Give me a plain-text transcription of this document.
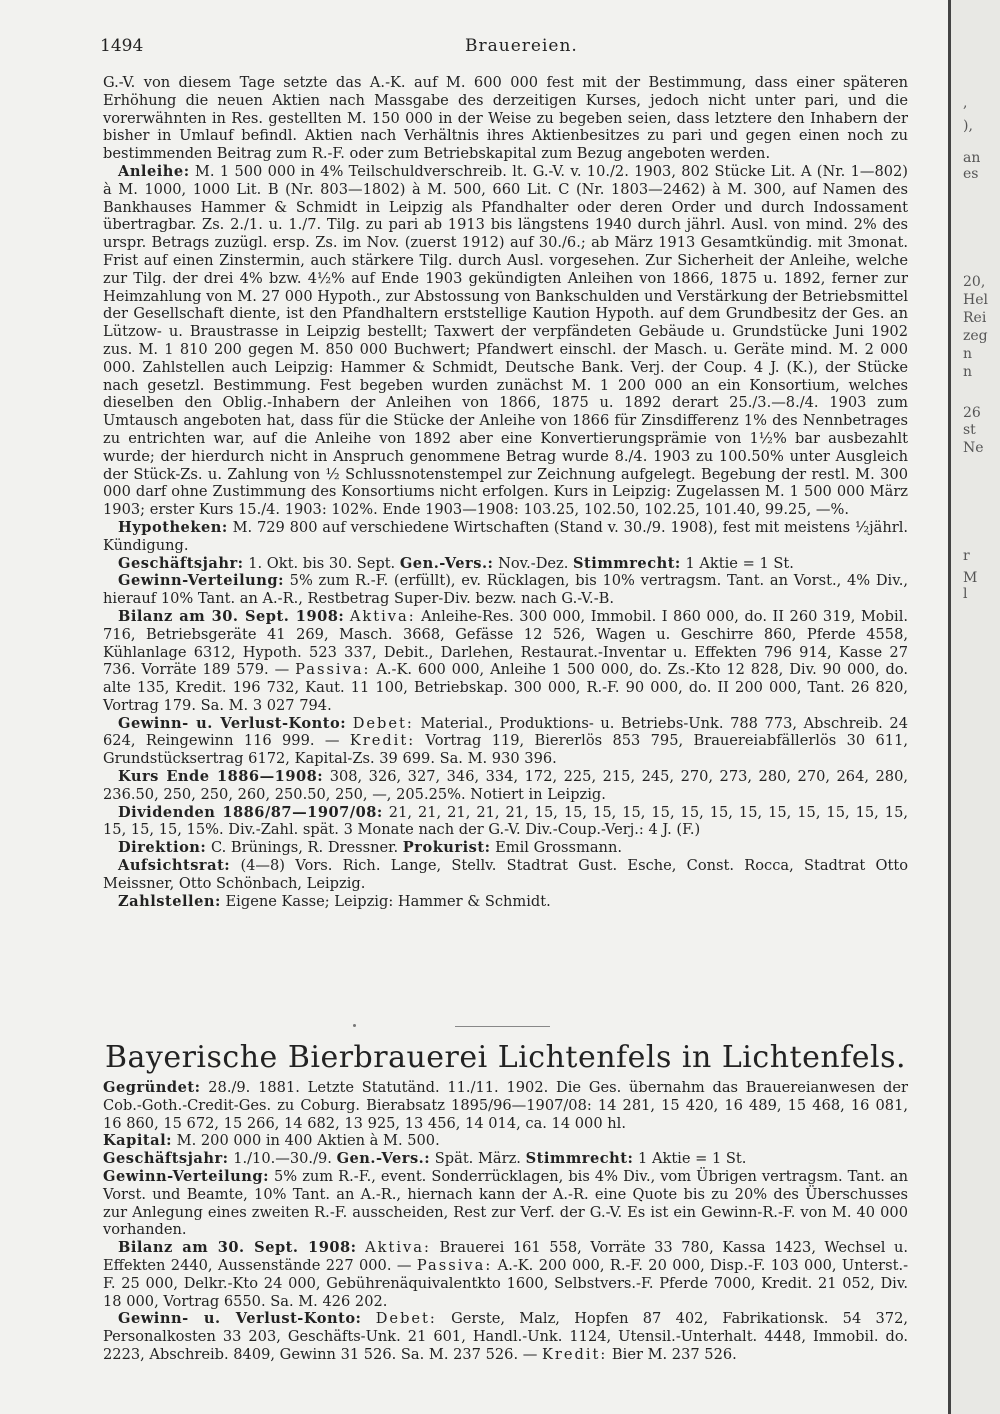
,
),
an
es
20,
Hel
Rei
zeg
n
n
26
st
Ne
r
M
l
1494	Brauereien.

G.-V. von diesem Tage setzte das A.-K. auf M. 600 000 fest mit der Bestimmung, dass einer späteren Erhöhung die neuen Aktien nach Massgabe des derzeitigen Kurses, jedoch nicht unter pari, und die vorerwähnten in Res. gestellten M. 150 000 in der Weise zu begeben seien, dass letztere den Inhabern der bisher in Umlauf befindl. Aktien nach Verhältnis ihres Aktienbesitzes zu pari und gegen einen noch zu bestimmenden Beitrag zum R.-F. oder zum Betriebskapital zum Bezug angeboten werden.

Anleihe: M. 1 500 000 in 4% Teilschuldverschreib. lt. G.-V. v. 10./2. 1903, 802 Stücke Lit. A (Nr. 1—802) à M. 1000, 1000 Lit. B (Nr. 803—1802) à M. 500, 660 Lit. C (Nr. 1803—2462) à M. 300, auf Namen des Bankhauses Hammer & Schmidt in Leipzig als Pfandhalter oder deren Order und durch Indossament übertragbar. Zs. 2./1. u. 1./7. Tilg. zu pari ab 1913 bis längstens 1940 durch jährl. Ausl. von mind. 2% des urspr. Betrags zuzügl. ersp. Zs. im Nov. (zuerst 1912) auf 30./6.; ab März 1913 Gesamtkündig. mit 3monat. Frist auf einen Zinstermin, auch stärkere Tilg. durch Ausl. vorgesehen. Zur Sicherheit der Anleihe, welche zur Tilg. der drei 4% bzw. 4½% auf Ende 1903 gekündigten Anleihen von 1866, 1875 u. 1892, ferner zur Heimzahlung von M. 27 000 Hypoth., zur Abstossung von Bankschulden und Verstärkung der Betriebsmittel der Gesellschaft diente, ist den Pfandhaltern erststellige Kaution Hypoth. auf dem Grundbesitz der Ges. an Lützow- u. Braustrasse in Leipzig bestellt; Taxwert der verpfändeten Gebäude u. Grundstücke Juni 1902 zus. M. 1 810 200 gegen M. 850 000 Buchwert; Pfandwert einschl. der Masch. u. Geräte mind. M. 2 000 000. Zahlstellen auch Leipzig: Hammer & Schmidt, Deutsche Bank. Verj. der Coup. 4 J. (K.), der Stücke nach gesetzl. Bestimmung. Fest begeben wurden zunächst M. 1 200 000 an ein Konsortium, welches dieselben den Oblig.-Inhabern der Anleihen von 1866, 1875 u. 1892 derart 25./3.—8./4. 1903 zum Umtausch angeboten hat, dass für die Stücke der Anleihe von 1866 für Zinsdifferenz 1% des Nennbetrages zu entrichten war, auf die Anleihe von 1892 aber eine Konvertierungsprämie von 1½% bar ausbezahlt wurde; der hierdurch nicht in Anspruch genommene Betrag wurde 8./4. 1903 zu 100.50% unter Ausgleich der Stück-Zs. u. Zahlung von ½ Schlussnotenstempel zur Zeichnung aufgelegt. Begebung der restl. M. 300 000 darf ohne Zustimmung des Konsortiums nicht erfolgen. Kurs in Leipzig: Zugelassen M. 1 500 000 März 1903; erster Kurs 15./4. 1903: 102%. Ende 1903—1908: 103.25, 102.50, 102.25, 101.40, 99.25, —%.

Hypotheken: M. 729 800 auf verschiedene Wirtschaften (Stand v. 30./9. 1908), fest mit meistens ½jährl. Kündigung.

Geschäftsjahr: 1. Okt. bis 30. Sept. Gen.-Vers.: Nov.-Dez. Stimmrecht: 1 Aktie = 1 St.

Gewinn-Verteilung: 5% zum R.-F. (erfüllt), ev. Rücklagen, bis 10% vertragsm. Tant. an Vorst., 4% Div., hierauf 10% Tant. an A.-R., Restbetrag Super-Div. bezw. nach G.-V.-B.

Bilanz am 30. Sept. 1908: Aktiva: Anleihe-Res. 300 000, Immobil. I 860 000, do. II 260 319, Mobil. 716, Betriebsgeräte 41 269, Masch. 3668, Gefässe 12 526, Wagen u. Geschirre 860, Pferde 4558, Kühlanlage 6312, Hypoth. 523 337, Debit., Darlehen, Restaurat.-Inventar u. Effekten 796 914, Kasse 27 736. Vorräte 189 579. — Passiva: A.-K. 600 000, Anleihe 1 500 000, do. Zs.-Kto 12 828, Div. 90 000, do. alte 135, Kredit. 196 732, Kaut. 11 100, Betriebskap. 300 000, R.-F. 90 000, do. II 200 000, Tant. 26 820, Vortrag 179. Sa. M. 3 027 794.

Gewinn- u. Verlust-Konto: Debet: Material., Produktions- u. Betriebs-Unk. 788 773, Abschreib. 24 624, Reingewinn 116 999. — Kredit: Vortrag 119, Biererlös 853 795, Brauereiabfällerlös 30 611, Grundstücksertrag 6172, Kapital-Zs. 39 699. Sa. M. 930 396.

Kurs Ende 1886—1908: 308, 326, 327, 346, 334, 172, 225, 215, 245, 270, 273, 280, 270, 264, 280, 236.50, 250, 250, 260, 250.50, 250, —, 205.25%. Notiert in Leipzig.

Dividenden 1886/87—1907/08: 21, 21, 21, 21, 21, 15, 15, 15, 15, 15, 15, 15, 15, 15, 15, 15, 15, 15, 15, 15, 15, 15%. Div.-Zahl. spät. 3 Monate nach der G.-V. Div.-Coup.-Verj.: 4 J. (F.)

Direktion: C. Brünings, R. Dressner. Prokurist: Emil Grossmann.

Aufsichtsrat: (4—8) Vors. Rich. Lange, Stellv. Stadtrat Gust. Esche, Const. Rocca, Stadtrat Otto Meissner, Otto Schönbach, Leipzig.

Zahlstellen: Eigene Kasse; Leipzig: Hammer & Schmidt.

Bayerische Bierbrauerei Lichtenfels in Lichtenfels.

Gegründet: 28./9. 1881. Letzte Statutänd. 11./11. 1902. Die Ges. übernahm das Brauereianwesen der Cob.-Goth.-Credit-Ges. zu Coburg. Bierabsatz 1895/96—1907/08: 14 281, 15 420, 16 489, 15 468, 16 081, 16 860, 15 672, 15 266, 14 682, 13 925, 13 456, 14 014, ca. 14 000 hl.

Kapital: M. 200 000 in 400 Aktien à M. 500.

Geschäftsjahr: 1./10.—30./9. Gen.-Vers.: Spät. März. Stimmrecht: 1 Aktie = 1 St.

Gewinn-Verteilung: 5% zum R.-F., event. Sonderrücklagen, bis 4% Div., vom Übrigen vertragsm. Tant. an Vorst. und Beamte, 10% Tant. an A.-R., hiernach kann der A.-R. eine Quote bis zu 20% des Überschusses zur Anlegung eines zweiten R.-F. ausscheiden, Rest zur Verf. der G.-V. Es ist ein Gewinn-R.-F. von M. 40 000 vorhanden.

Bilanz am 30. Sept. 1908: Aktiva: Brauerei 161 558, Vorräte 33 780, Kassa 1423, Wechsel u. Effekten 2440, Aussenstände 227 000. — Passiva: A.-K. 200 000, R.-F. 20 000, Disp.-F. 103 000, Unterst.-F. 25 000, Delkr.-Kto 24 000, Gebührenäquivalentkto 1600, Selbstvers.-F. Pferde 7000, Kredit. 21 052, Div. 18 000, Vortrag 6550. Sa. M. 426 202.

Gewinn- u. Verlust-Konto: Debet: Gerste, Malz, Hopfen 87 402, Fabrikationsk. 54 372, Personalkosten 33 203, Geschäfts-Unk. 21 601, Handl.-Unk. 1124, Utensil.-Unterhalt. 4448, Immobil. do. 2223, Abschreib. 8409, Gewinn 31 526. Sa. M. 237 526. — Kredit: Bier M. 237 526.
